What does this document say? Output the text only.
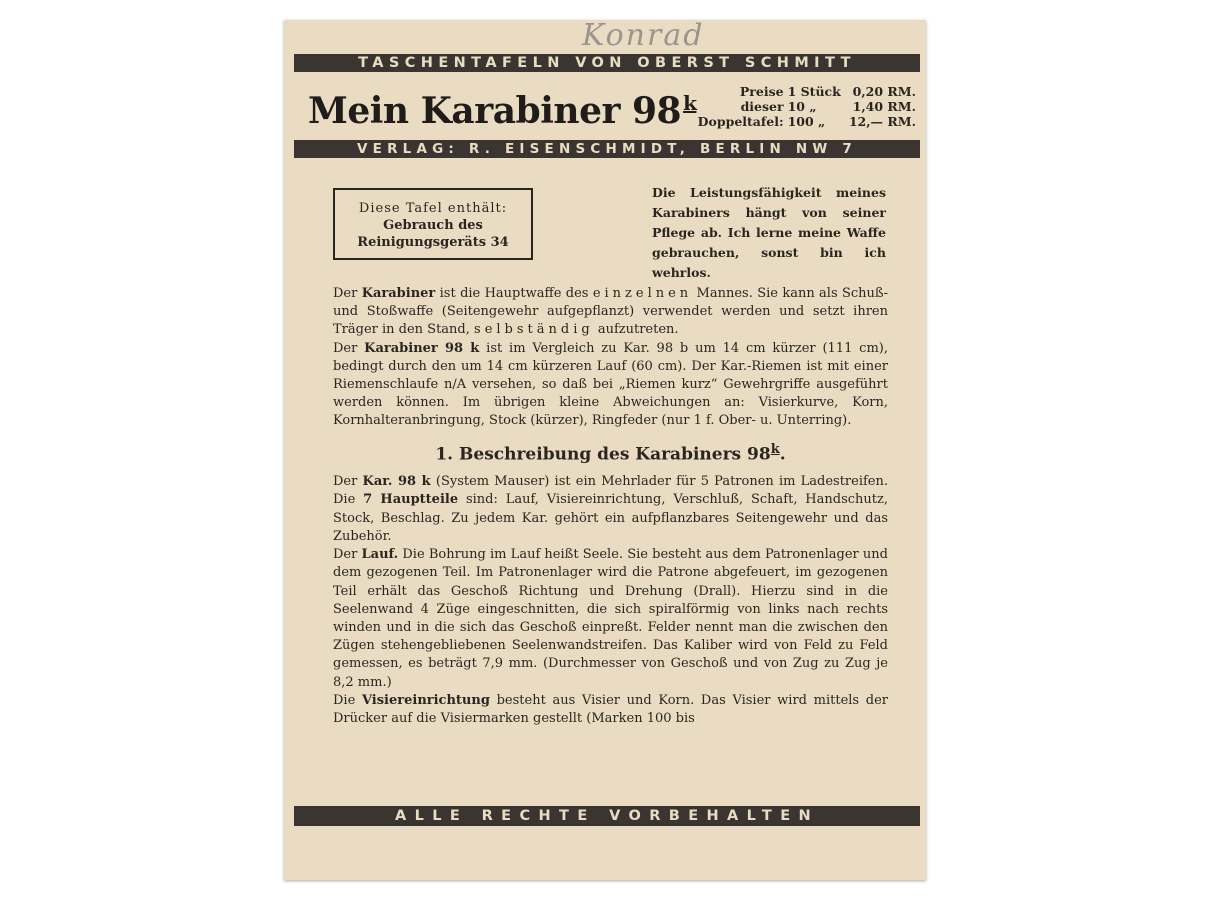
Konrad
TASCHENTAFELN VON OBERST SCHMITT
Mein Karabiner 98 $^k$	Preise	1 Stück	0,20 RM.
dieser	10 „	1,40 RM.
Doppeltafel:	100 „	12,— RM.
VERLAG: R. EISENSCHMIDT, BERLIN NW 7
Diese Tafel enthält:
Gebrauch des
Reinigungsgeräts 34
Die Leistungsfähigkeit meines Karabiners hängt von seiner Pflege ab. Ich lerne meine Waffe gebrauchen, sonst bin ich wehrlos.

Der Karabiner ist die Hauptwaffe des einzelnen Mannes. Sie kann als Schuß- und Stoßwaffe (Seitengewehr aufgepflanzt) verwendet werden und setzt ihren Träger in den Stand, selbständig aufzutreten.

Der Karabiner 98 k ist im Vergleich zu Kar. 98 b um 14 cm kürzer (111 cm), bedingt durch den um 14 cm kürzeren Lauf (60 cm). Der Kar.-Riemen ist mit einer Riemenschlaufe n/A versehen, so daß bei „Riemen kurz“ Gewehrgriffe ausgeführt werden können. Im übrigen kleine Abweichungen an: Visierkurve, Korn, Kornhalteranbringung, Stock (kürzer), Ringfeder (nur 1 f. Ober- u. Unterring).

1. Beschreibung des Karabiners 98$^k$.

Der Kar. 98 k (System Mauser) ist ein Mehrlader für 5 Patronen im Ladestreifen. Die 7 Hauptteile sind: Lauf, Visiereinrichtung, Verschluß, Schaft, Handschutz, Stock, Beschlag. Zu jedem Kar. gehört ein aufpflanzbares Seitengewehr und das Zubehör.

Der Lauf. Die Bohrung im Lauf heißt Seele. Sie besteht aus dem Patronenlager und dem gezogenen Teil. Im Patronenlager wird die Patrone abgefeuert, im gezogenen Teil erhält das Geschoß Richtung und Drehung (Drall). Hierzu sind in die Seelenwand 4 Züge eingeschnitten, die sich spiralförmig von links nach rechts winden und in die sich das Geschoß einpreßt. Felder nennt man die zwischen den Zügen stehengebliebenen Seelenwandstreifen. Das Kaliber wird von Feld zu Feld gemessen, es beträgt 7,9 mm. (Durchmesser von Geschoß und von Zug zu Zug je 8,2 mm.)

Die Visiereinrichtung besteht aus Visier und Korn. Das Visier wird mittels der Drücker auf die Visiermarken gestellt (Marken 100 bis

ALLE RECHTE VORBEHALTEN
